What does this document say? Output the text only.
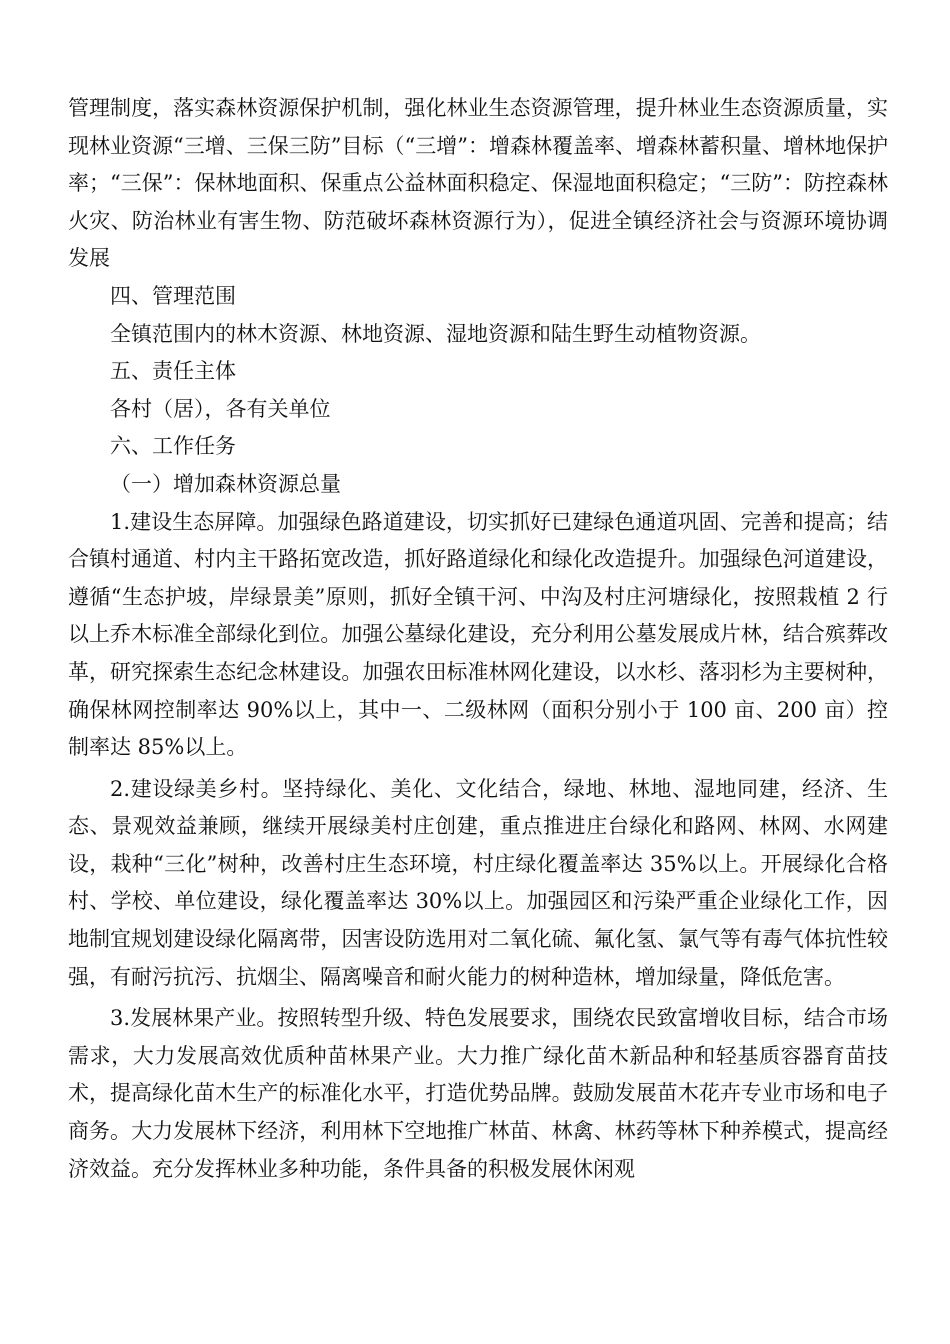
管理制度，落实森林资源保护机制，强化林业生态资源管理，提升林业生态资源质量，实现林业资源“三增、三保三防”目标（“三增”：增森林覆盖率、增森林蓄积量、增林地保护率；“三保”：保林地面积、保重点公益林面积稳定、保湿地面积稳定；“三防”：防控森林火灾、防治林业有害生物、防范破坏森林资源行为），促进全镇经济社会与资源环境协调发展

四、管理范围

全镇范围内的林木资源、林地资源、湿地资源和陆生野生动植物资源。

五、责任主体

各村（居），各有关单位

六、工作任务

（一）增加森林资源总量

1.建设生态屏障。加强绿色路道建设，切实抓好已建绿色通道巩固、完善和提高；结合镇村通道、村内主干路拓宽改造，抓好路道绿化和绿化改造提升。加强绿色河道建设，遵循“生态护坡，岸绿景美”原则，抓好全镇干河、中沟及村庄河塘绿化，按照栽植 2 行以上乔木标准全部绿化到位。加强公墓绿化建设，充分利用公墓发展成片林，结合殡葬改革，研究探索生态纪念林建设。加强农田标准林网化建设，以水杉、落羽杉为主要树种，确保林网控制率达 90%以上，其中一、二级林网（面积分别小于 100 亩、200 亩）控制率达 85%以上。

2.建设绿美乡村。坚持绿化、美化、文化结合，绿地、林地、湿地同建，经济、生态、景观效益兼顾，继续开展绿美村庄创建，重点推进庄台绿化和路网、林网、水网建设，栽种“三化”树种，改善村庄生态环境，村庄绿化覆盖率达 35%以上。开展绿化合格村、学校、单位建设，绿化覆盖率达 30%以上。加强园区和污染严重企业绿化工作，因地制宜规划建设绿化隔离带，因害设防选用对二氧化硫、氟化氢、氯气等有毒气体抗性较强，有耐污抗污、抗烟尘、隔离噪音和耐火能力的树种造林，增加绿量，降低危害。

3.发展林果产业。按照转型升级、特色发展要求，围绕农民致富增收目标，结合市场需求，大力发展高效优质种苗林果产业。大力推广绿化苗木新品种和轻基质容器育苗技术，提高绿化苗木生产的标准化水平，打造优势品牌。鼓励发展苗木花卉专业市场和电子商务。大力发展林下经济，利用林下空地推广林苗、林禽、林药等林下种养模式，提高经济效益。充分发挥林业多种功能，条件具备的积极发展休闲观
